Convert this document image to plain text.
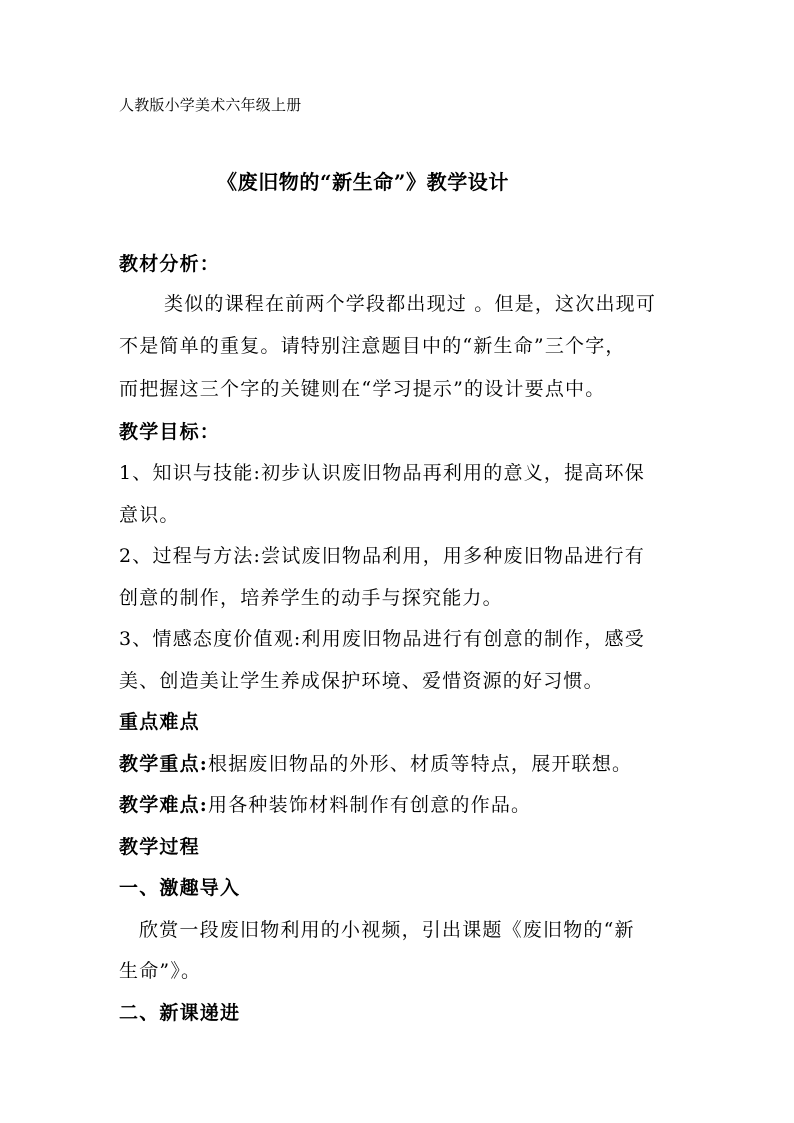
人教版小学美术六年级上册
《废旧物的“新生命”》教学设计
教材分析：
类似的课程在前两个学段都出现过 。但是，这次出现可
不是简单的重复。请特别注意题目中的“新生命”三个字，
而把握这三个字的关键则在“学习提示”的设计要点中。
教学目标：
1、知识与技能:初步认识废旧物品再利用的意义，提高环保
意识。
2、过程与方法:尝试废旧物品利用，用多种废旧物品进行有
创意的制作，培养学生的动手与探究能力。
3、情感态度价值观:利用废旧物品进行有创意的制作，感受
美、创造美让学生养成保护环境、爱惜资源的好习惯。
重点难点
教学重点:根据废旧物品的外形、材质等特点，展开联想。
教学难点:用各种装饰材料制作有创意的作品。
教学过程
一、激趣导入
欣赏一段废旧物利用的小视频，引出课题《废旧物的“新
生命”》。
二、新课递进
